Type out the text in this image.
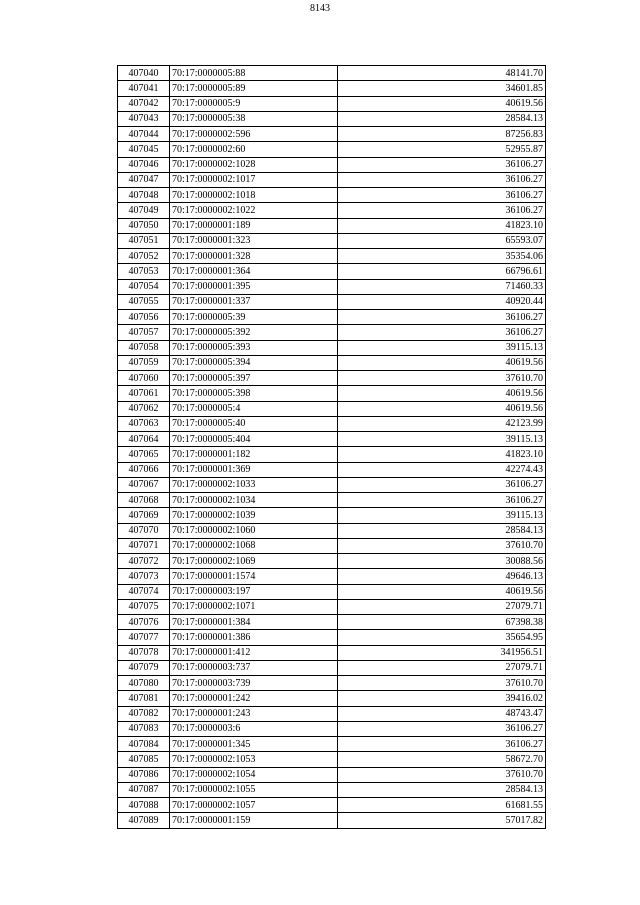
8143
407040	70:17:0000005:88	48141.70
407041	70:17:0000005:89	34601.85
407042	70:17:0000005:9	40619.56
407043	70:17:0000005:38	28584.13
407044	70:17:0000002:596	87256.83
407045	70:17:0000002:60	52955.87
407046	70:17:0000002:1028	36106.27
407047	70:17:0000002:1017	36106.27
407048	70:17:0000002:1018	36106.27
407049	70:17:0000002:1022	36106.27
407050	70:17:0000001:189	41823.10
407051	70:17:0000001:323	65593.07
407052	70:17:0000001:328	35354.06
407053	70:17:0000001:364	66796.61
407054	70:17:0000001:395	71460.33
407055	70:17:0000001:337	40920.44
407056	70:17:0000005:39	36106.27
407057	70:17:0000005:392	36106.27
407058	70:17:0000005:393	39115.13
407059	70:17:0000005:394	40619.56
407060	70:17:0000005:397	37610.70
407061	70:17:0000005:398	40619.56
407062	70:17:0000005:4	40619.56
407063	70:17:0000005:40	42123.99
407064	70:17:0000005:404	39115.13
407065	70:17:0000001:182	41823.10
407066	70:17:0000001:369	42274.43
407067	70:17:0000002:1033	36106.27
407068	70:17:0000002:1034	36106.27
407069	70:17:0000002:1039	39115.13
407070	70:17:0000002:1060	28584.13
407071	70:17:0000002:1068	37610.70
407072	70:17:0000002:1069	30088.56
407073	70:17:0000001:1574	49646.13
407074	70:17:0000003:197	40619.56
407075	70:17:0000002:1071	27079.71
407076	70:17:0000001:384	67398.38
407077	70:17:0000001:386	35654.95
407078	70:17:0000001:412	341956.51
407079	70:17:0000003:737	27079.71
407080	70:17:0000003:739	37610.70
407081	70:17:0000001:242	39416.02
407082	70:17:0000001:243	48743.47
407083	70:17:0000003:6	36106.27
407084	70:17:0000001:345	36106.27
407085	70:17:0000002:1053	58672.70
407086	70:17:0000002:1054	37610.70
407087	70:17:0000002:1055	28584.13
407088	70:17:0000002:1057	61681.55
407089	70:17:0000001:159	57017.82
